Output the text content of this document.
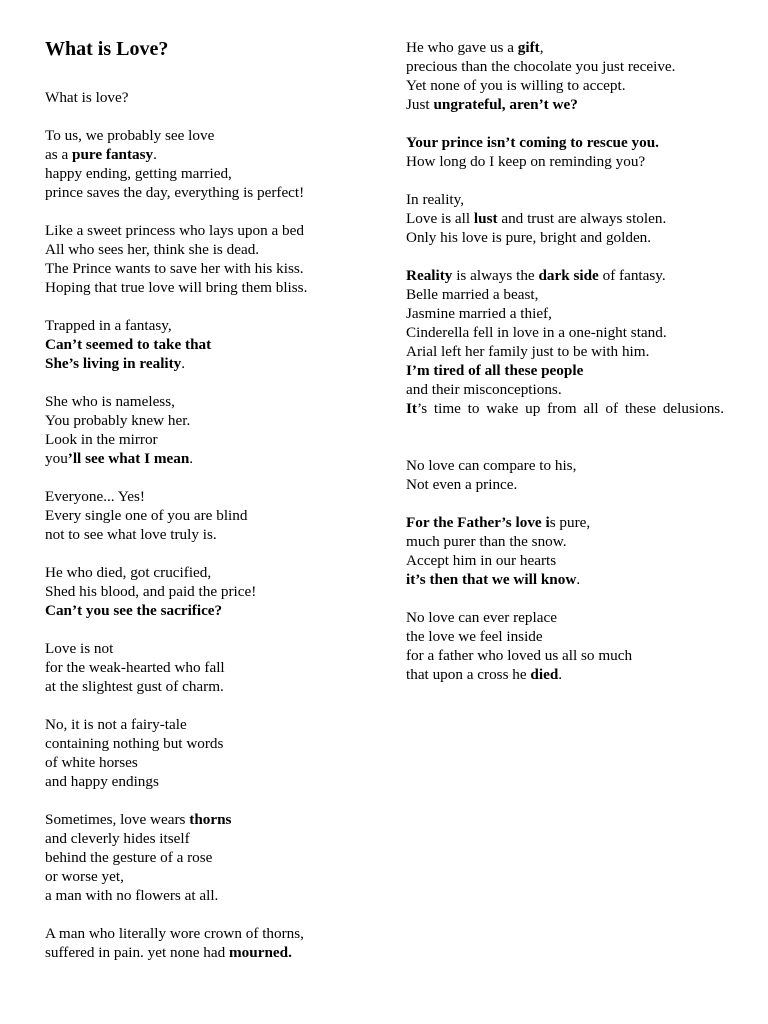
What is Love?
What is love?
To us, we probably see love
as a pure fantasy.
happy ending, getting married,
prince saves the day, everything is perfect!
Like a sweet princess who lays upon a bed
All who sees her, think she is dead.
The Prince wants to save her with his kiss.
Hoping that true love will bring them bliss.
Trapped in a fantasy,
Can’t seemed to take that
She’s living in reality.
She who is nameless,
You probably knew her.
Look in the mirror
you’ll see what I mean.
Everyone... Yes!
Every single one of you are blind
not to see what love truly is.
He who died, got crucified,
Shed his blood, and paid the price!
Can’t you see the sacrifice?
Love is not
for the weak-hearted who fall
at the slightest gust of charm.
No, it is not a fairy-tale
containing nothing but words
of white horses
and happy endings
Sometimes, love wears thorns
and cleverly hides itself
behind the gesture of a rose
or worse yet,
a man with no flowers at all.
A man who literally wore crown of thorns,
suffered in pain. yet none had mourned.
He who gave us a gift,
precious than the chocolate you just receive.
Yet none of you is willing to accept.
Just ungrateful, aren’t we?
Your prince isn’t coming to rescue you.
How long do I keep on reminding you?
In reality,
Love is all lust and trust are always stolen.
Only his love is pure, bright and golden.
Reality is always the dark side of fantasy.
Belle married a beast,
Jasmine married a thief,
Cinderella fell in love in a one-night stand.
Arial left her family just to be with him.
I’m tired of all these people
and their misconceptions.
It’s time to wake up from all of these delusions.
No love can compare to his,
Not even a prince.
For the Father’s love is pure,
much purer than the snow.
Accept him in our hearts
it’s then that we will know.
No love can ever replace
the love we feel inside
for a father who loved us all so much
that upon a cross he died.
